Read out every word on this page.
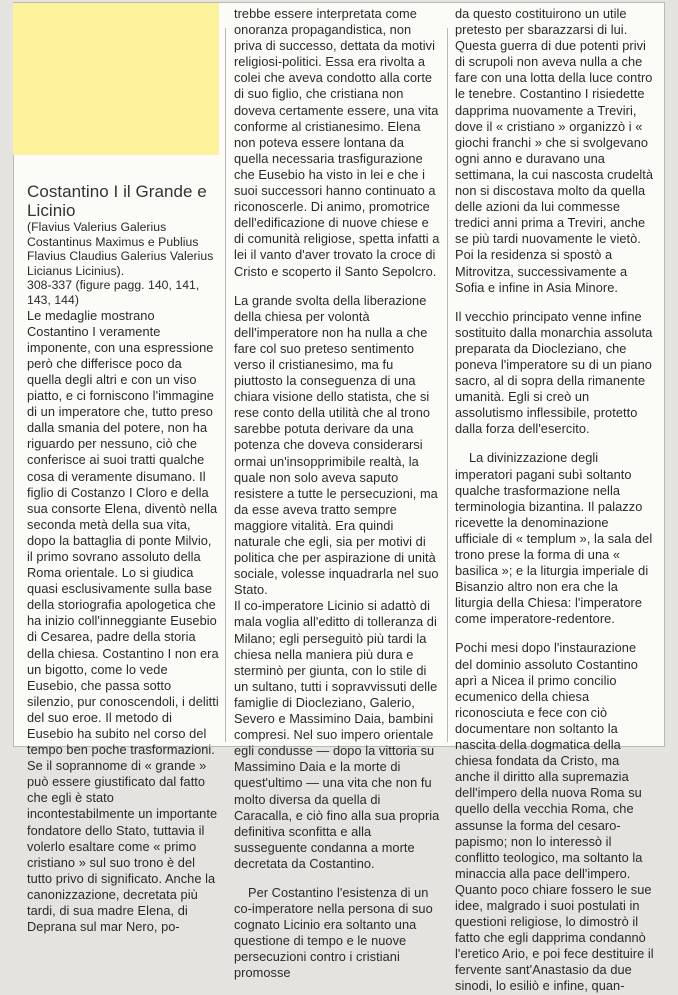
Costantino I il Grande e Licinio

(Flavius Valerius Galerius Costantinus Maximus e Publius Flavius Claudius Galerius Valerius Licianus Licinius).

308-337 (figure pagg. 140, 141, 143, 144)

Le medaglie mostrano Costantino I veramente imponente, con una espressione però che differisce poco da quella degli altri e con un viso piatto, e ci forniscono l'immagine di un imperatore che, tutto preso dalla smania del potere, non ha riguardo per nessuno, ciò che conferisce ai suoi tratti qualche cosa di veramente disumano. Il figlio di Costanzo I Cloro e della sua consorte Elena, diventò nella seconda metà della sua vita, dopo la battaglia di ponte Milvio, il primo sovrano assoluto della Roma orientale. Lo si giudica quasi esclusivamente sulla base della storiografia apologetica che ha inizio coll'inneggiante Eusebio di Cesarea, padre della storia della chiesa. Costantino I non era un bigotto, come lo vede Eusebio, che passa sotto silenzio, pur conoscendoli, i delitti del suo eroe. Il metodo di Eusebio ha subito nel corso del tempo ben poche trasformazioni. Se il soprannome di « grande » può essere giustificato dal fatto che egli è stato incontestabilmente un importante fondatore dello Stato, tuttavia il volerlo esaltare come « primo cristiano » sul suo trono è del tutto privo di significato. Anche la canonizzazione, decretata più tardi, di sua madre Elena, di Deprana sul mar Nero, po-

trebbe essere interpretata come onoranza propagandistica, non priva di successo, dettata da motivi religiosi-politici. Essa era rivolta a colei che aveva condotto alla corte di suo figlio, che cristiana non doveva certamente essere, una vita conforme al cristianesimo. Elena non poteva essere lontana da quella necessaria trasfigurazione che Eusebio ha visto in lei e che i suoi successori hanno continuato a riconoscerle. Di animo, promotrice dell'edificazione di nuove chiese e di comunità religiose, spetta infatti a lei il vanto d'aver trovato la croce di Cristo e scoperto il Santo Sepolcro.

La grande svolta della liberazione della chiesa per volontà dell'imperatore non ha nulla a che fare col suo preteso sentimento verso il cristianesimo, ma fu piuttosto la conseguenza di una chiara visione dello statista, che si rese conto della utilità che al trono sarebbe potuta derivare da una potenza che doveva considerarsi ormai un'insopprimibile realtà, la quale non solo aveva saputo resistere a tutte le persecuzioni, ma da esse aveva tratto sempre maggiore vitalità. Era quindi naturale che egli, sia per motivi di politica che per aspirazione di unità sociale, volesse inquadrarla nel suo Stato.

Il co-imperatore Licinio si adattò di mala voglia all'editto di tolleranza di Milano; egli perseguitò più tardi la chiesa nella maniera più dura e sterminò per giunta, con lo stile di un sultano, tutti i sopravvissuti delle famiglie di Diocleziano, Galerio, Severo e Massimino Daia, bambini compresi. Nel suo impero orientale egli condusse — dopo la vittoria su Massimino Daia e la morte di quest'ultimo — una vita che non fu molto diversa da quella di Caracalla, e ciò fino alla sua propria definitiva sconfitta e alla susseguente condanna a morte decretata da Costantino.

Per Costantino l'esistenza di un co-imperatore nella persona di suo cognato Licinio era soltanto una questione di tempo e le nuove persecuzioni contro i cristiani promosse

da questo costituirono un utile pretesto per sbarazzarsi di lui. Questa guerra di due potenti privi di scrupoli non aveva nulla a che fare con una lotta della luce contro le tenebre. Costantino I risiedette dapprima nuovamente a Treviri, dove il « cristiano » organizzò i « giochi franchi » che si svolgevano ogni anno e duravano una settimana, la cui nascosta crudeltà non si discostava molto da quella delle azioni da lui commesse tredici anni prima a Treviri, anche se più tardi nuovamente le vietò. Poi la residenza si spostò a Mitrovitza, successivamente a Sofia e infine in Asia Minore.

Il vecchio principato venne infine sostituito dalla monarchia assoluta preparata da Diocleziano, che poneva l'imperatore su di un piano sacro, al di sopra della rimanente umanità. Egli si creò un assolutismo inflessibile, protetto dalla forza dell'esercito.

La divinizzazione degli imperatori pagani subì soltanto qualche trasformazione nella terminologia bizantina. Il palazzo ricevette la denominazione ufficiale di « templum », la sala del trono prese la forma di una « basilica »; e la liturgia imperiale di Bisanzio altro non era che la liturgia della Chiesa: l'imperatore come imperatore-redentore.

Pochi mesi dopo l'instaurazione del dominio assoluto Costantino aprì a Nicea il primo concilio ecumenico della chiesa riconosciuta e fece con ciò documentare non soltanto la nascita della dogmatica della chiesa fondata da Cristo, ma anche il diritto alla supremazia dell'impero della nuova Roma su quello della vecchia Roma, che assunse la forma del cesaro-papismo; non lo interessò il conflitto teologico, ma soltanto la minaccia alla pace dell'impero. Quanto poco chiare fossero le sue idee, malgrado i suoi postulati in questioni religiose, lo dimostrò il fatto che egli dapprima condannò l'eretico Ario, e poi fece destituire il fervente sant'Anastasio da due sinodi, lo esiliò e infine, quan-
